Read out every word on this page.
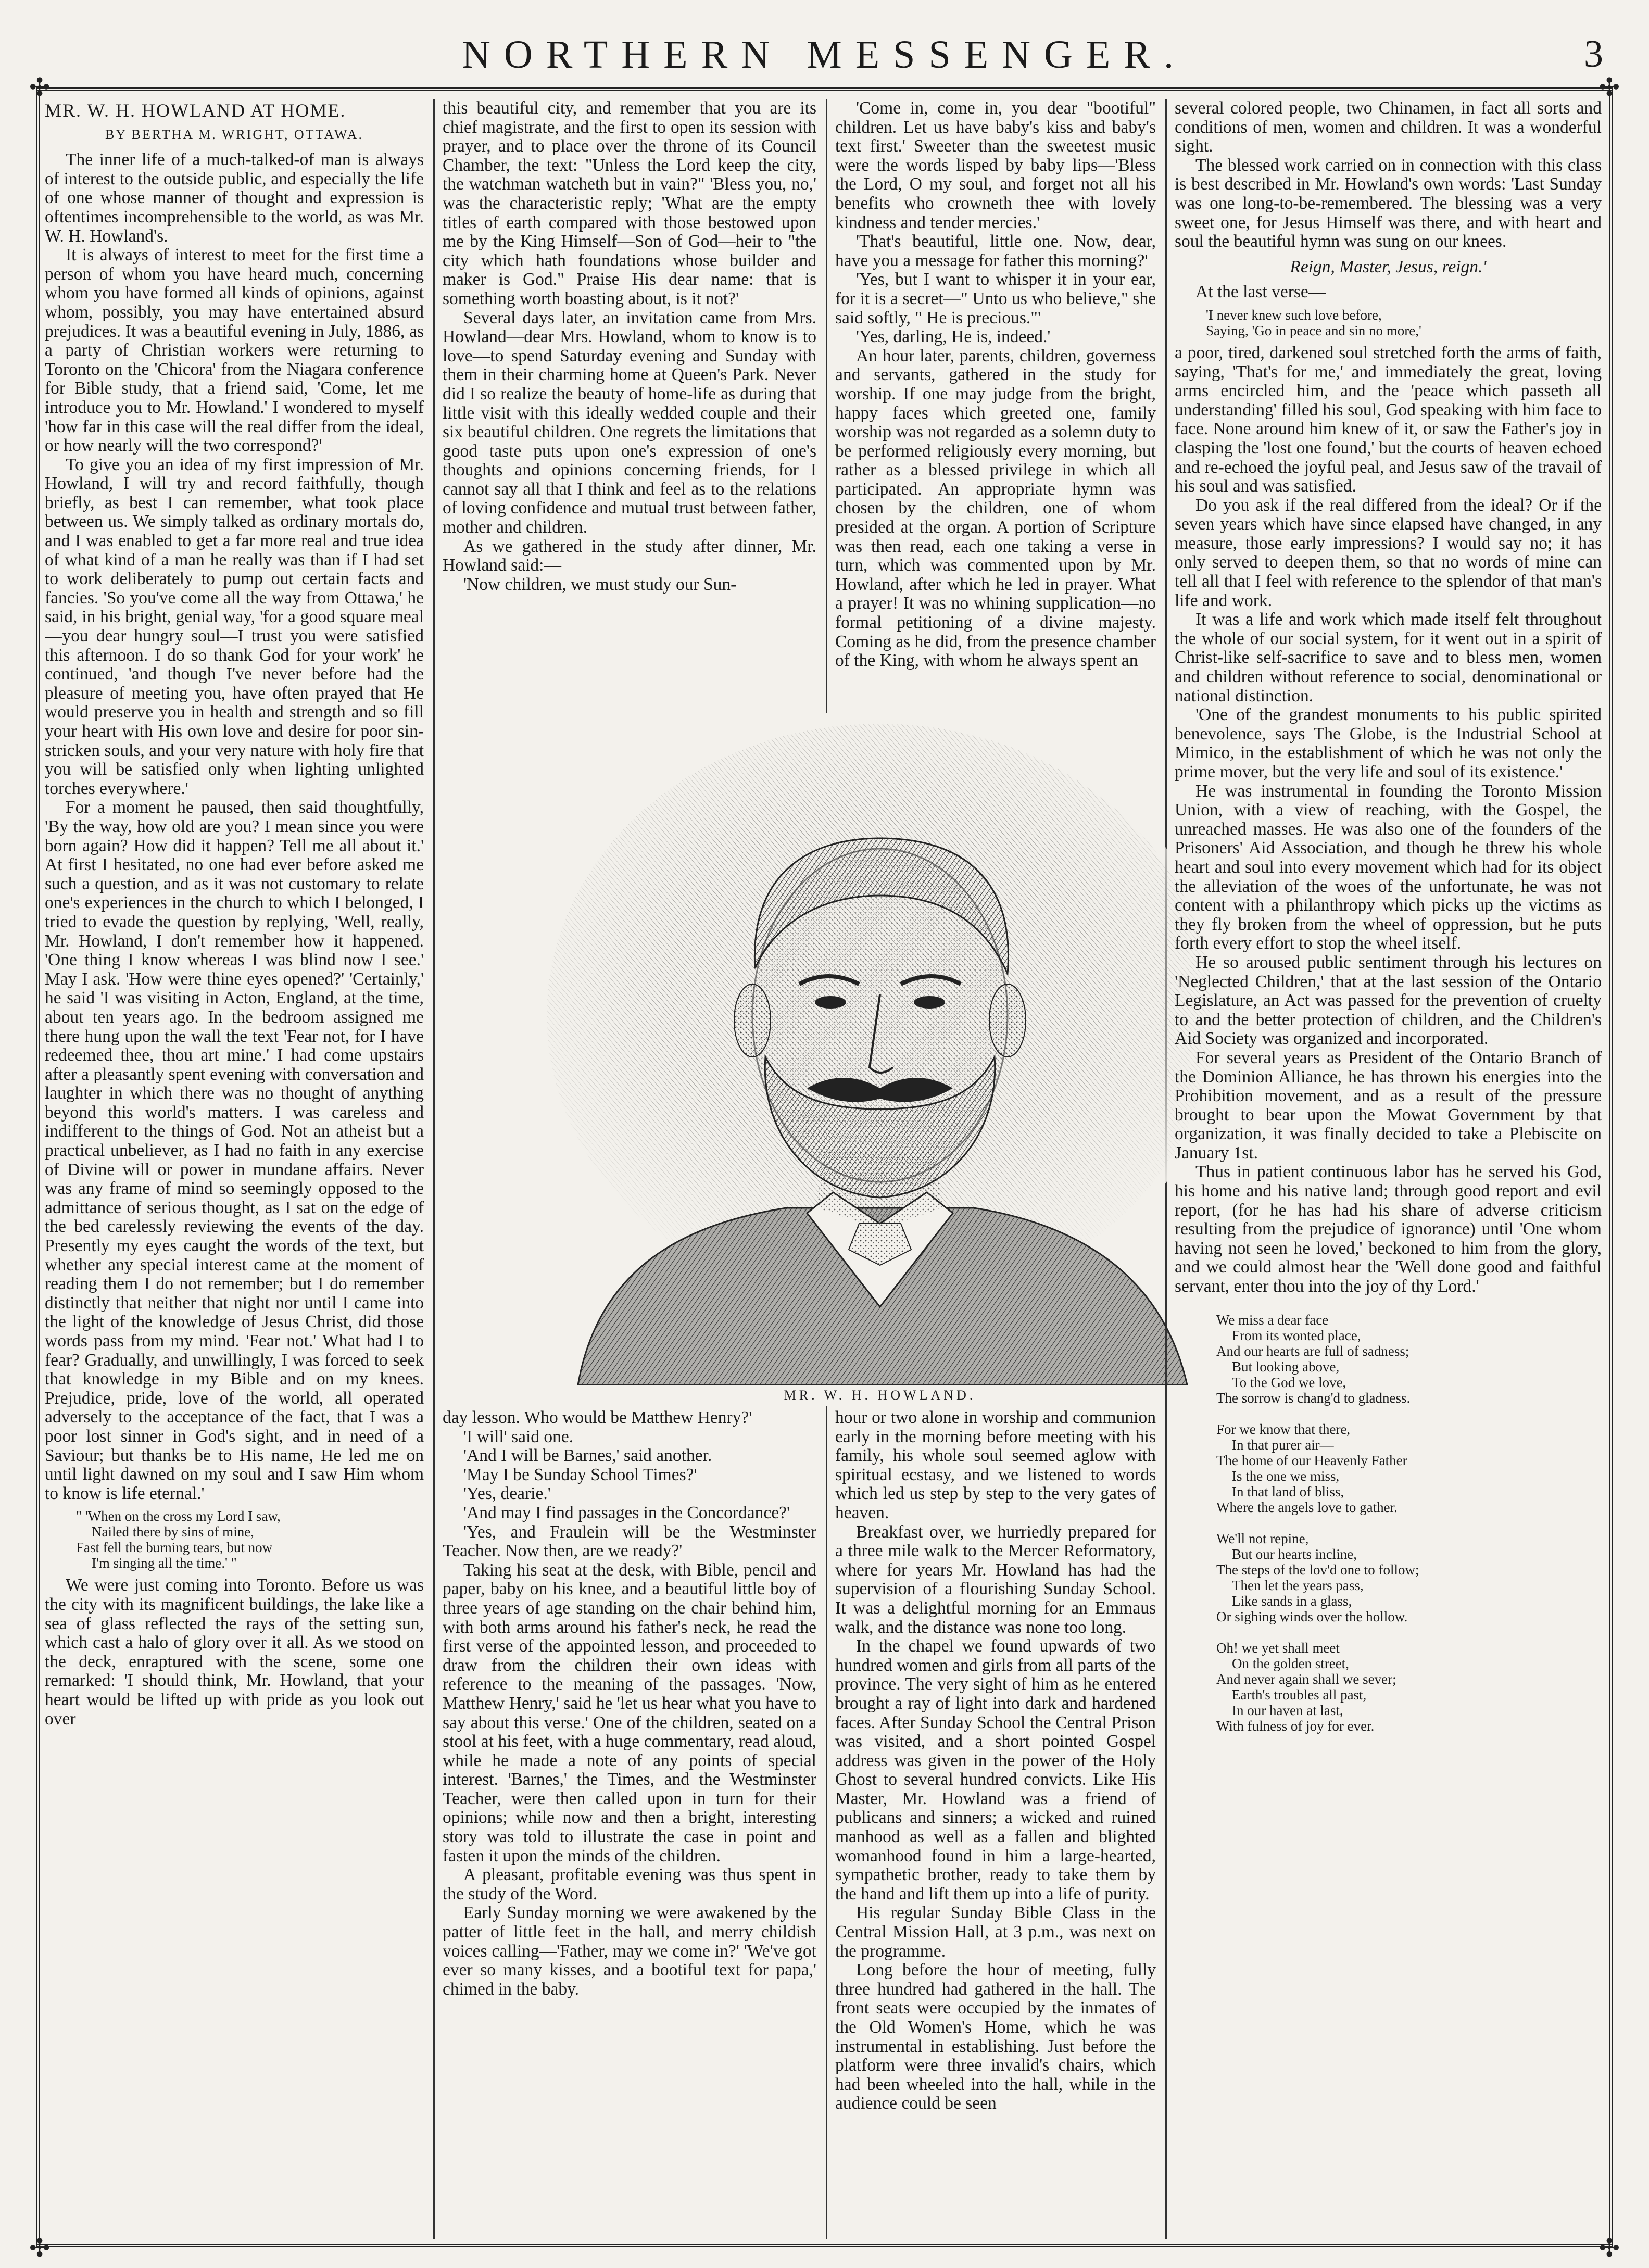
NORTHERN MESSENGER.	3
✣	✣
✣	✣
MR. W. H. HOWLAND AT HOME.
BY BERTHA M. WRIGHT, OTTAWA.

The inner life of a much-talked-of man is always of interest to the outside public, and especially the life of one whose manner of thought and expression is oftentimes incomprehensible to the world, as was Mr. W. H. Howland's.

It is always of interest to meet for the first time a person of whom you have heard much, concerning whom you have formed all kinds of opinions, against whom, possibly, you may have entertained absurd prejudices. It was a beautiful evening in July, 1886, as a party of Christian workers were returning to Toronto on the 'Chicora' from the Niagara conference for Bible study, that a friend said, 'Come, let me introduce you to Mr. Howland.' I wondered to myself 'how far in this case will the real differ from the ideal, or how nearly will the two correspond?'

To give you an idea of my first impression of Mr. Howland, I will try and record faithfully, though briefly, as best I can remember, what took place between us. We simply talked as ordinary mortals do, and I was enabled to get a far more real and true idea of what kind of a man he really was than if I had set to work deliberately to pump out certain facts and fancies. 'So you've come all the way from Ottawa,' he said, in his bright, genial way, 'for a good square meal—you dear hungry soul—I trust you were satisfied this afternoon. I do so thank God for your work' he continued, 'and though I've never before had the pleasure of meeting you, have often prayed that He would preserve you in health and strength and so fill your heart with His own love and desire for poor sin-stricken souls, and your very nature with holy fire that you will be satisfied only when lighting unlighted torches everywhere.'

For a moment he paused, then said thoughtfully, 'By the way, how old are you? I mean since you were born again? How did it happen? Tell me all about it.' At first I hesitated, no one had ever before asked me such a question, and as it was not customary to relate one's experiences in the church to which I belonged, I tried to evade the question by replying, 'Well, really, Mr. Howland, I don't remember how it happened. 'One thing I know whereas I was blind now I see.' May I ask. 'How were thine eyes opened?' 'Certainly,' he said 'I was visiting in Acton, England, at the time, about ten years ago. In the bedroom assigned me there hung upon the wall the text 'Fear not, for I have redeemed thee, thou art mine.' I had come upstairs after a pleasantly spent evening with conversation and laughter in which there was no thought of anything beyond this world's matters. I was careless and indifferent to the things of God. Not an atheist but a practical unbeliever, as I had no faith in any exercise of Divine will or power in mundane affairs. Never was any frame of mind so seemingly opposed to the admittance of serious thought, as I sat on the edge of the bed carelessly reviewing the events of the day. Presently my eyes caught the words of the text, but whether any special interest came at the moment of reading them I do not remember; but I do remember distinctly that neither that night nor until I came into the light of the knowledge of Jesus Christ, did those words pass from my mind. 'Fear not.' What had I to fear? Gradually, and unwillingly, I was forced to seek that knowledge in my Bible and on my knees. Prejudice, pride, love of the world, all operated adversely to the acceptance of the fact, that I was a poor lost sinner in God's sight, and in need of a Saviour; but thanks be to His name, He led me on until light dawned on my soul and I saw Him whom to know is life eternal.'

" 'When on the cross my Lord I saw,
Nailed there by sins of mine,
Fast fell the burning tears, but now
I'm singing all the time.' "

We were just coming into Toronto. Before us was the city with its magnificent buildings, the lake like a sea of glass reflected the rays of the setting sun, which cast a halo of glory over it all. As we stood on the deck, enraptured with the scene, some one remarked: 'I should think, Mr. Howland, that your heart would be lifted up with pride as you look out over

this beautiful city, and remember that you are its chief magistrate, and the first to open its session with prayer, and to place over the throne of its Council Chamber, the text: "Unless the Lord keep the city, the watchman watcheth but in vain?" 'Bless you, no,' was the characteristic reply; 'What are the empty titles of earth compared with those bestowed upon me by the King Himself—Son of God—heir to "the city which hath foundations whose builder and maker is God." Praise His dear name: that is something worth boasting about, is it not?'

Several days later, an invitation came from Mrs. Howland—dear Mrs. Howland, whom to know is to love—to spend Saturday evening and Sunday with them in their charming home at Queen's Park. Never did I so realize the beauty of home-life as during that little visit with this ideally wedded couple and their six beautiful children. One regrets the limitations that good taste puts upon one's expression of one's thoughts and opinions concerning friends, for I cannot say all that I think and feel as to the relations of loving confidence and mutual trust between father, mother and children.

As we gathered in the study after dinner, Mr. Howland said:—

'Now children, we must study our Sun-

'Come in, come in, you dear "bootiful" children. Let us have baby's kiss and baby's text first.' Sweeter than the sweetest music were the words lisped by baby lips—'Bless the Lord, O my soul, and forget not all his benefits who crowneth thee with lovely kindness and tender mercies.'

'That's beautiful, little one. Now, dear, have you a message for father this morning?'

'Yes, but I want to whisper it in your ear, for it is a secret—" Unto us who believe," she said softly, " He is precious."'

'Yes, darling, He is, indeed.'

An hour later, parents, children, governess and servants, gathered in the study for worship. If one may judge from the bright, happy faces which greeted one, family worship was not regarded as a solemn duty to be performed religiously every morning, but rather as a blessed privilege in which all participated. An appropriate hymn was chosen by the children, one of whom presided at the organ. A portion of Scripture was then read, each one taking a verse in turn, which was commented upon by Mr. Howland, after which he led in prayer. What a prayer! It was no whining supplication—no formal petitioning of a divine majesty. Coming as he did, from the presence chamber of the King, with whom he always spent an

MR. W. H. HOWLAND.

day lesson. Who would be Matthew Henry?'

'I will' said one.

'And I will be Barnes,' said another.

'May I be Sunday School Times?'

'Yes, dearie.'

'And may I find passages in the Concordance?'

'Yes, and Fraulein will be the Westminster Teacher. Now then, are we ready?'

Taking his seat at the desk, with Bible, pencil and paper, baby on his knee, and a beautiful little boy of three years of age standing on the chair behind him, with both arms around his father's neck, he read the first verse of the appointed lesson, and proceeded to draw from the children their own ideas with reference to the meaning of the passages. 'Now, Matthew Henry,' said he 'let us hear what you have to say about this verse.' One of the children, seated on a stool at his feet, with a huge commentary, read aloud, while he made a note of any points of special interest. 'Barnes,' the Times, and the Westminster Teacher, were then called upon in turn for their opinions; while now and then a bright, interesting story was told to illustrate the case in point and fasten it upon the minds of the children.

A pleasant, profitable evening was thus spent in the study of the Word.

Early Sunday morning we were awakened by the patter of little feet in the hall, and merry childish voices calling—'Father, may we come in?' 'We've got ever so many kisses, and a bootiful text for papa,' chimed in the baby.

hour or two alone in worship and communion early in the morning before meeting with his family, his whole soul seemed aglow with spiritual ecstasy, and we listened to words which led us step by step to the very gates of heaven.

Breakfast over, we hurriedly prepared for a three mile walk to the Mercer Reformatory, where for years Mr. Howland has had the supervision of a flourishing Sunday School. It was a delightful morning for an Emmaus walk, and the distance was none too long.

In the chapel we found upwards of two hundred women and girls from all parts of the province. The very sight of him as he entered brought a ray of light into dark and hardened faces. After Sunday School the Central Prison was visited, and a short pointed Gospel address was given in the power of the Holy Ghost to several hundred convicts. Like His Master, Mr. Howland was a friend of publicans and sinners; a wicked and ruined manhood as well as a fallen and blighted womanhood found in him a large-hearted, sympathetic brother, ready to take them by the hand and lift them up into a life of purity.

His regular Sunday Bible Class in the Central Mission Hall, at 3 p.m., was next on the programme.

Long before the hour of meeting, fully three hundred had gathered in the hall. The front seats were occupied by the inmates of the Old Women's Home, which he was instrumental in establishing. Just before the platform were three invalid's chairs, which had been wheeled into the hall, while in the audience could be seen

several colored people, two Chinamen, in fact all sorts and conditions of men, women and children. It was a wonderful sight.

The blessed work carried on in connection with this class is best described in Mr. Howland's own words: 'Last Sunday was one long-to-be-remembered. The blessing was a very sweet one, for Jesus Himself was there, and with heart and soul the beautiful hymn was sung on our knees.

Reign, Master, Jesus, reign.'

At the last verse—

'I never knew such love before,
Saying, 'Go in peace and sin no more,'

a poor, tired, darkened soul stretched forth the arms of faith, saying, 'That's for me,' and immediately the great, loving arms encircled him, and the 'peace which passeth all understanding' filled his soul, God speaking with him face to face. None around him knew of it, or saw the Father's joy in clasping the 'lost one found,' but the courts of heaven echoed and re-echoed the joyful peal, and Jesus saw of the travail of his soul and was satisfied.

Do you ask if the real differed from the ideal? Or if the seven years which have since elapsed have changed, in any measure, those early impressions? I would say no; it has only served to deepen them, so that no words of mine can tell all that I feel with reference to the splendor of that man's life and work.

It was a life and work which made itself felt throughout the whole of our social system, for it went out in a spirit of Christ-like self-sacrifice to save and to bless men, women and children without reference to social, denominational or national distinction.

'One of the grandest monuments to his public spirited benevolence, says The Globe, is the Industrial School at Mimico, in the establishment of which he was not only the prime mover, but the very life and soul of its existence.'

He was instrumental in founding the Toronto Mission Union, with a view of reaching, with the Gospel, the unreached masses. He was also one of the founders of the Prisoners' Aid Association, and though he threw his whole heart and soul into every movement which had for its object the alleviation of the woes of the unfortunate, he was not content with a philanthropy which picks up the victims as they fly broken from the wheel of oppression, but he puts forth every effort to stop the wheel itself.

He so aroused public sentiment through his lectures on 'Neglected Children,' that at the last session of the Ontario Legislature, an Act was passed for the prevention of cruelty to and the better protection of children, and the Children's Aid Society was organized and incorporated.

For several years as President of the Ontario Branch of the Dominion Alliance, he has thrown his energies into the Prohibition movement, and as a result of the pressure brought to bear upon the Mowat Government by that organization, it was finally decided to take a Plebiscite on January 1st.

Thus in patient continuous labor has he served his God, his home and his native land; through good report and evil report, (for he has had his share of adverse criticism resulting from the prejudice of ignorance) until 'One whom having not seen he loved,' beckoned to him from the glory, and we could almost hear the 'Well done good and faithful servant, enter thou into the joy of thy Lord.'

We miss a dear face
From its wonted place,
And our hearts are full of sadness;
But looking above,
To the God we love,
The sorrow is chang'd to gladness.

For we know that there,
In that purer air—
The home of our Heavenly Father
Is the one we miss,
In that land of bliss,
Where the angels love to gather.

We'll not repine,
But our hearts incline,
The steps of the lov'd one to follow;
Then let the years pass,
Like sands in a glass,
Or sighing winds over the hollow.

Oh! we yet shall meet
On the golden street,
And never again shall we sever;
Earth's troubles all past,
In our haven at last,
With fulness of joy for ever.
